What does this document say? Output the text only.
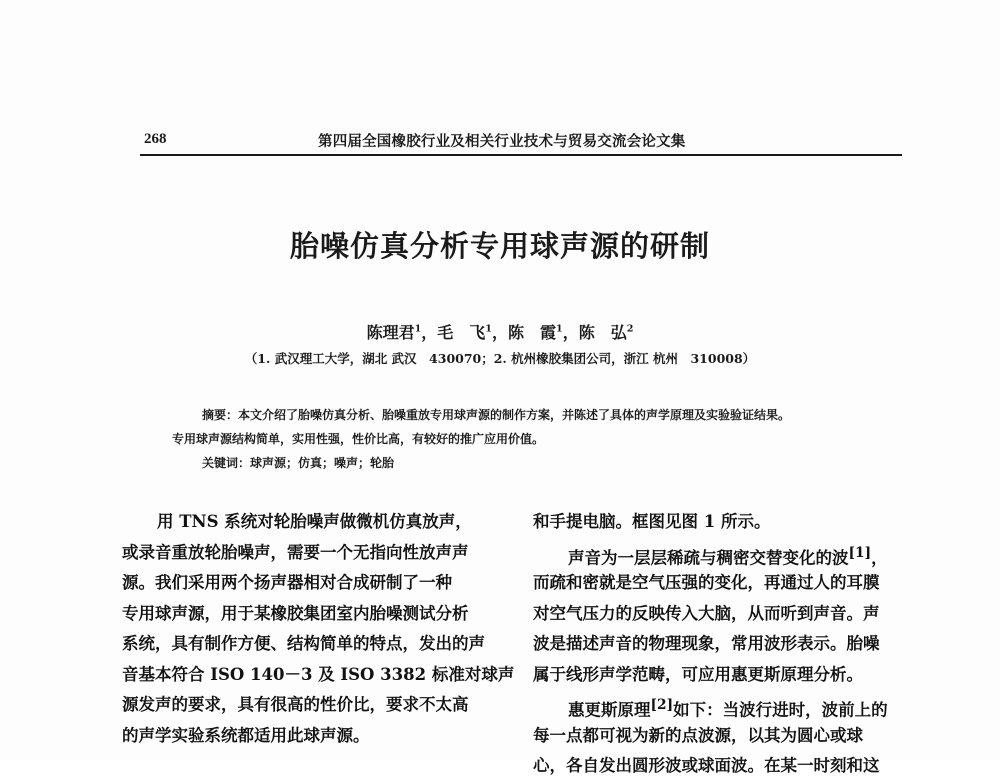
268	第四届全国橡胶行业及相关行业技术与贸易交流会论文集
胎噪仿真分析专用球声源的研制
陈理君$^1$，毛　飞$^1$，陈　霞$^1$，陈　弘$^2$
（1. 武汉理工大学，湖北 武汉　430070；2. 杭州橡胶集团公司，浙江 杭州　310008）
摘要：本文介绍了胎噪仿真分析、胎噪重放专用球声源的制作方案，并陈述了具体的声学原理及实验验证结果。
专用球声源结构简单，实用性强，性价比高，有较好的推广应用价值。
关键词：球声源；仿真；噪声；轮胎
用 TNS 系统对轮胎噪声做微机仿真放声，
或录音重放轮胎噪声，需要一个无指向性放声声
源。我们采用两个扬声器相对合成研制了一种
专用球声源，用于某橡胶集团室内胎噪测试分析
系统，具有制作方便、结构简单的特点，发出的声
音基本符合 ISO 140－3 及 ISO 3382 标准对球声
源发声的要求，具有很高的性价比，要求不太高
的声学实验系统都适用此球声源。
和手提电脑。框图见图 1 所示。
声音为一层层稀疏与稠密交替变化的波[1]，
而疏和密就是空气压强的变化，再通过人的耳膜
对空气压力的反映传入大脑，从而听到声音。声
波是描述声音的物理现象，常用波形表示。胎噪
属于线形声学范畴，可应用惠更斯原理分析。
惠更斯原理[2]如下：当波行进时，波前上的
每一点都可视为新的点波源，以其为圆心或球
心，各自发出圆形波或球面波。在某一时刻和这
